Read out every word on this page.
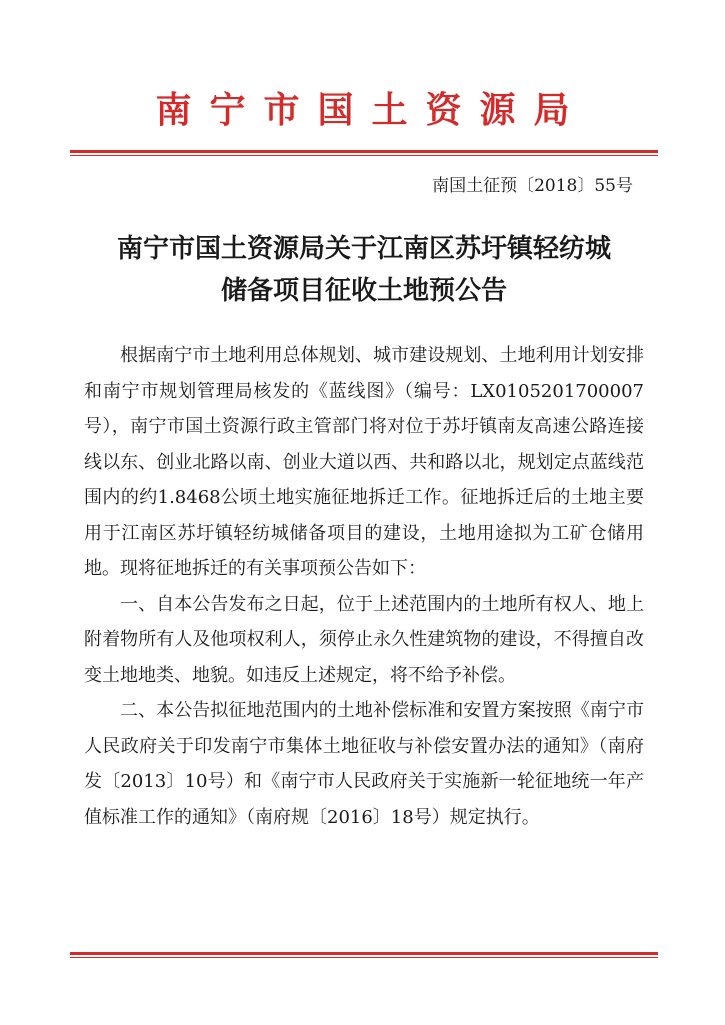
南宁市国土资源局
南国土征预〔2018〕55号
南宁市国土资源局关于江南区苏圩镇轻纺城
储备项目征收土地预公告

根据南宁市土地利用总体规划、城市建设规划、土地利用计划安排和南宁市规划管理局核发的《蓝线图》（编号：LX0105201700007号），南宁市国土资源行政主管部门将对位于苏圩镇南友高速公路连接线以东、创业北路以南、创业大道以西、共和路以北，规划定点蓝线范围内的约1.8468公顷土地实施征地拆迁工作。征地拆迁后的土地主要用于江南区苏圩镇轻纺城储备项目的建设，土地用途拟为工矿仓储用地。现将征地拆迁的有关事项预公告如下：

一、自本公告发布之日起，位于上述范围内的土地所有权人、地上附着物所有人及他项权利人，须停止永久性建筑物的建设，不得擅自改变土地地类、地貌。如违反上述规定，将不给予补偿。

二、本公告拟征地范围内的土地补偿标准和安置方案按照《南宁市人民政府关于印发南宁市集体土地征收与补偿安置办法的通知》（南府发〔2013〕10号）和《南宁市人民政府关于实施新一轮征地统一年产值标准工作的通知》（南府规〔2016〕18号）规定执行。
